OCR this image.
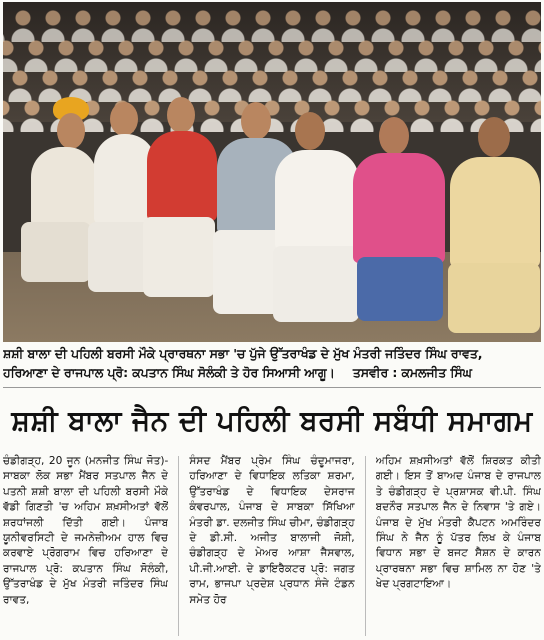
ਸ਼ਸ਼ੀ ਬਾਲਾ ਦੀ ਪਹਿਲੀ ਬਰਸੀ ਮੌਕੇ ਪ੍ਰਾਰਥਨਾ ਸਭਾ 'ਚ ਪੁੱਜੇ ਉੱਤਰਾਖੰਡ ਦੇ ਮੁੱਖ ਮੰਤਰੀ ਜਤਿੰਦਰ ਸਿੰਘ ਰਾਵਤ,
ਹਰਿਆਣਾ ਦੇ ਰਾਜਪਾਲ ਪ੍ਰੋ: ਕਪਤਾਨ ਸਿੰਘ ਸੋਲੰਕੀ ਤੇ ਹੋਰ ਸਿਆਸੀ ਆਗੂ। ਤਸਵੀਰ : ਕਮਲਜੀਤ ਸਿੰਘ
ਸ਼ਸ਼ੀ ਬਾਲਾ ਜੈਨ ਦੀ ਪਹਿਲੀ ਬਰਸੀ ਸਬੰਧੀ ਸਮਾਗਮ

ਚੰਡੀਗੜ੍ਹ, 20 ਜੂਨ (ਮਨਜੀਤ ਸਿੰਘ ਜੋਤ)- ਸਾਬਕਾ ਲੋਕ ਸਭਾ ਮੈਂਬਰ ਸਤਪਾਲ ਜੈਨ ਦੇ ਪਤਨੀ ਸ਼ਸ਼ੀ ਬਾਲਾ ਦੀ ਪਹਿਲੀ ਬਰਸੀ ਮੌਕੇ ਵੱਡੀ ਗਿਣਤੀ 'ਚ ਅਹਿਮ ਸ਼ਖ਼ਸੀਅਤਾਂ ਵੱਲੋਂ ਸ਼ਰਧਾਂਜਲੀ ਦਿੱਤੀ ਗਈ। ਪੰਜਾਬ ਯੂਨੀਵਰਸਿਟੀ ਦੇ ਜਮਨੇਜ਼ੀਅਮ ਹਾਲ ਵਿਚ ਕਰਵਾਏ ਪ੍ਰੋਗਰਾਮ ਵਿਚ ਹਰਿਆਣਾ ਦੇ ਰਾਜਪਾਲ ਪ੍ਰੋ: ਕਪਤਾਨ ਸਿੰਘ ਸੋਲੰਕੀ, ਉੱਤਰਾਖੰਡ ਦੇ ਮੁੱਖ ਮੰਤਰੀ ਜਤਿੰਦਰ ਸਿੰਘ ਰਾਵਤ,

ਸੰਸਦ ਮੈਂਬਰ ਪ੍ਰੇਮ ਸਿੰਘ ਚੰਦੂਮਾਜਰਾ, ਹਰਿਆਣਾ ਦੇ ਵਿਧਾਇਕ ਲਤਿਕਾ ਸ਼ਰਮਾ, ਉੱਤਰਾਖੰਡ ਦੇ ਵਿਧਾਇਕ ਦੇਸਰਾਜ ਕੰਵਰਪਾਲ, ਪੰਜਾਬ ਦੇ ਸਾਬਕਾ ਸਿੱਖਿਆ ਮੰਤਰੀ ਡਾ. ਦਲਜੀਤ ਸਿੰਘ ਚੀਮਾ, ਚੰਡੀਗੜ੍ਹ ਦੇ ਡੀ.ਸੀ. ਅਜੀਤ ਬਾਲਾਜੀ ਜੋਸ਼ੀ, ਚੰਡੀਗੜ੍ਹ ਦੇ ਮੇਅਰ ਆਸ਼ਾ ਜੈਸਵਾਲ, ਪੀ.ਜੀ.ਆਈ. ਦੇ ਡਾਇਰੈਕਟਰ ਪ੍ਰੋ: ਜਗਤ ਰਾਮ, ਭਾਜਪਾ ਪ੍ਰਦੇਸ਼ ਪ੍ਰਧਾਨ ਸੰਜੇ ਟੰਡਨ ਸਮੇਤ ਹੋਰ

ਅਹਿਮ ਸ਼ਖ਼ਸੀਅਤਾਂ ਵੱਲੋਂ ਸ਼ਿਰਕਤ ਕੀਤੀ ਗਈ। ਇਸ ਤੋਂ ਬਾਅਦ ਪੰਜਾਬ ਦੇ ਰਾਜਪਾਲ ਤੇ ਚੰਡੀਗੜ੍ਹ ਦੇ ਪ੍ਰਸ਼ਾਸਕ ਵੀ.ਪੀ. ਸਿੰਘ ਬਦਨੌਰ ਸਤਪਾਲ ਜੈਨ ਦੇ ਨਿਵਾਸ 'ਤੇ ਗਏ। ਪੰਜਾਬ ਦੇ ਮੁੱਖ ਮੰਤਰੀ ਕੈਪਟਨ ਅਮਰਿੰਦਰ ਸਿੰਘ ਨੇ ਜੈਨ ਨੂੰ ਪੱਤਰ ਲਿਖ ਕੇ ਪੰਜਾਬ ਵਿਧਾਨ ਸਭਾ ਦੇ ਬਜਟ ਸੈਸ਼ਨ ਦੇ ਕਾਰਨ ਪ੍ਰਾਰਥਨਾ ਸਭਾ ਵਿਚ ਸ਼ਾਮਿਲ ਨਾ ਹੋਣ 'ਤੇ ਖੇਦ ਪ੍ਰਗਟਾਇਆ।
